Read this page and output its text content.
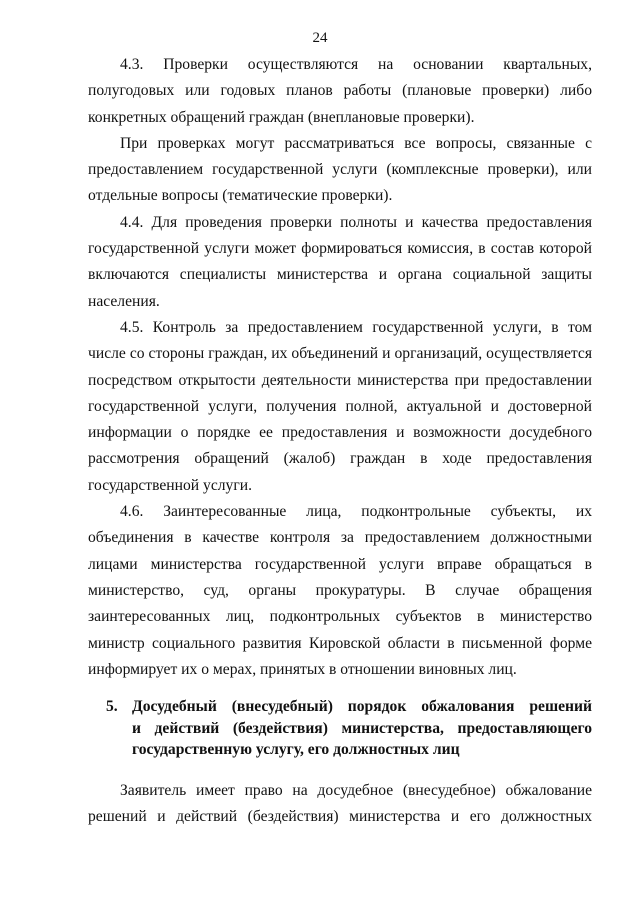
24

4.3. Проверки осуществляются на основании квартальных, полугодовых или годовых планов работы (плановые проверки) либо конкретных обращений граждан (внеплановые проверки).

При проверках могут рассматриваться все вопросы, связанные с предоставлением государственной услуги (комплексные проверки), или отдельные вопросы (тематические проверки).

4.4. Для проведения проверки полноты и качества предоставления государственной услуги может формироваться комиссия, в состав которой включаются специалисты министерства и органа социальной защиты населения.

4.5. Контроль за предоставлением государственной услуги, в том числе со стороны граждан, их объединений и организаций, осуществляется посредством открытости деятельности министерства при предоставлении государственной услуги, получения полной, актуальной и достоверной информации о порядке ее предоставления и возможности досудебного рассмотрения обращений (жалоб) граждан в ходе предоставления государственной услуги.

4.6. Заинтересованные лица, подконтрольные субъекты, их объединения в качестве контроля за предоставлением должностными лицами министерства государственной услуги вправе обращаться в министерство, суд, органы прокуратуры. В случае обращения заинтересованных лиц, подконтрольных субъектов в министерство министр социального развития Кировской области в письменной форме информирует их о мерах, принятых в отношении виновных лиц.

5. Досудебный (внесудебный) порядок обжалования решений
и действий (бездействия) министерства, предоставляющего
государственную услугу, его должностных лиц

Заявитель имеет право на досудебное (внесудебное) обжалование решений и действий (бездействия) министерства и его должностных
